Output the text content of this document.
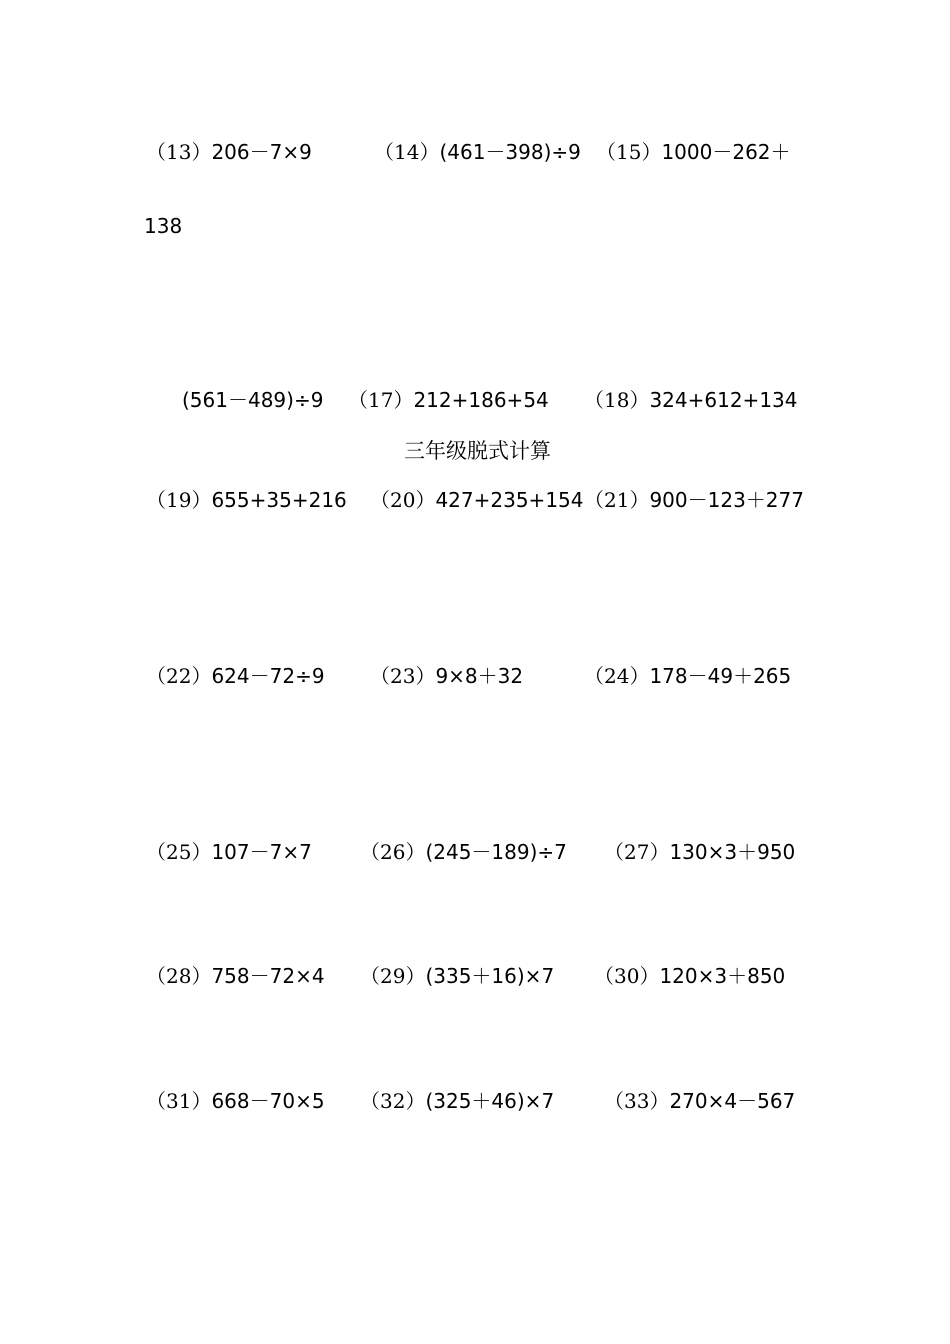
（13）206－7×9	（14）(461－398)÷9 （15）1000－262＋
138
(561－489)÷9 （17）212+186+54 （18）324+612+134
三年级脱式计算
（19）655+35+216 （20）427+235+154 （21）900－123＋277
（22）624－72÷9 （23）9×8＋32	（24）178－49＋265
（25）107－7×7 （26）(245－189)÷7 （27）130×3＋950
（28）758－72×4 （29）(335＋16)×7 （30）120×3＋850
（31）668－70×5 （32）(325＋46)×7 （33）270×4－567
